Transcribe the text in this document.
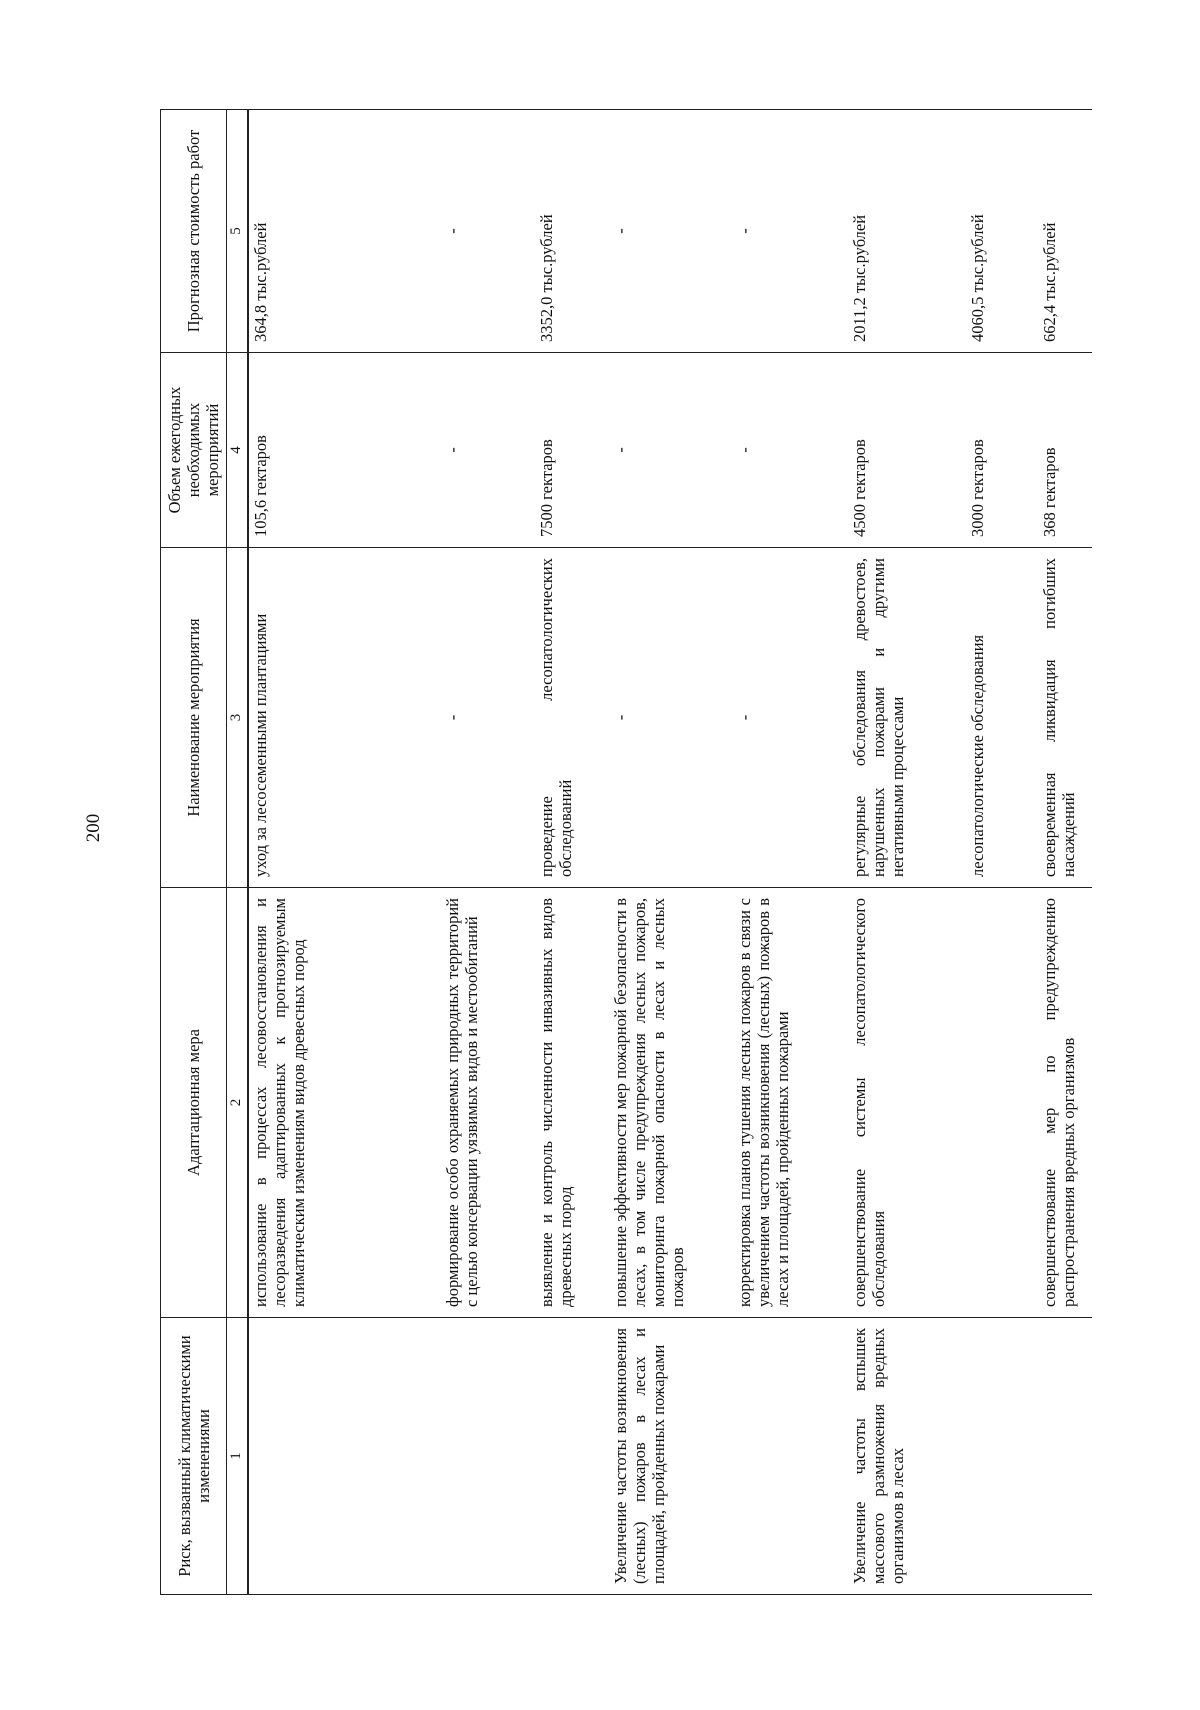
200
Риск, вызванный климатическими изменениями	Адаптационная мера	Наименование мероприятия	Объем ежегодных необходимых мероприятий	Прогнозная стоимость работ
1	2	3	4	5
	использование в процессах лесовосстановления и лесоразведения адаптированных к прогнозируемым климатическим изменениям видов древесных пород	уход за лесосеменными плантациями	105,6 гектаров	364,8 тыс.рублей
	формирование особо охраняемых природных территорий с целью консервации уязвимых видов и местообитаний	-	-	-
	выявление и контроль численности инвазивных видов древесных пород	проведение лесопатологических обследований	7500 гектаров	3352,0 тыс.рублей
Увеличение частоты возникновения (лесных) пожаров в лесах и площадей, пройденных пожарами	повышение эффективности мер пожарной безопасности в лесах, в том числе предупреждения лесных пожаров, мониторинга пожарной опасности в лесах и лесных пожаров	-	-	-
	корректировка планов тушения лесных пожаров в связи с увеличением частоты возникновения (лесных) пожаров в лесах и площадей, пройденных пожарами	-	-	-
Увеличение частоты вспышек массового размножения вредных организмов в лесах	совершенствование системы лесопатологического обследования	регулярные обследования древостоев, нарушенных пожарами и другими негативными процессами	4500 гектаров	2011,2 тыс.рублей
		лесопатологические обследования	3000 гектаров	4060,5 тыс.рублей
	совершенствование мер по предупреждению распространения вредных организмов	своевременная ликвидация погибших насаждений	368 гектаров	662,4 тыс.рублей
